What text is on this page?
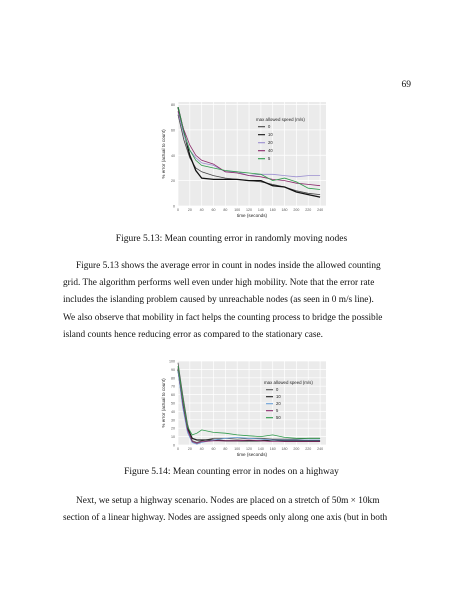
69
0
20
40
60
80
0 20 40 60 80 100 120 140 160 180 200 220 240
time (seconds)
% error (actual to count)
max allowed speed (m/s)
0
10
20
40
5
Figure 5.13: Mean counting error in randomly moving nodes
Figure 5.13 shows the average error in count in nodes inside the allowed counting
grid. The algorithm performs well even under high mobility. Note that the error rate
includes the islanding problem caused by unreachable nodes (as seen in 0 m/s line).
We also observe that mobility in fact helps the counting process to bridge the possible
island counts hence reducing error as compared to the stationary case.
0
10
20
30
40
50
60
70
80
90
100
0 20 40 60 80 100 120 140 160 180 200 220 240
time (seconds)
% error (actual to count)	max allowed speed (m/s)
0
10
20
5
50
Figure 5.14: Mean counting error in nodes on a highway
Next, we setup a highway scenario. Nodes are placed on a stretch of 50m × 10km
section of a linear highway. Nodes are assigned speeds only along one axis (but in both
